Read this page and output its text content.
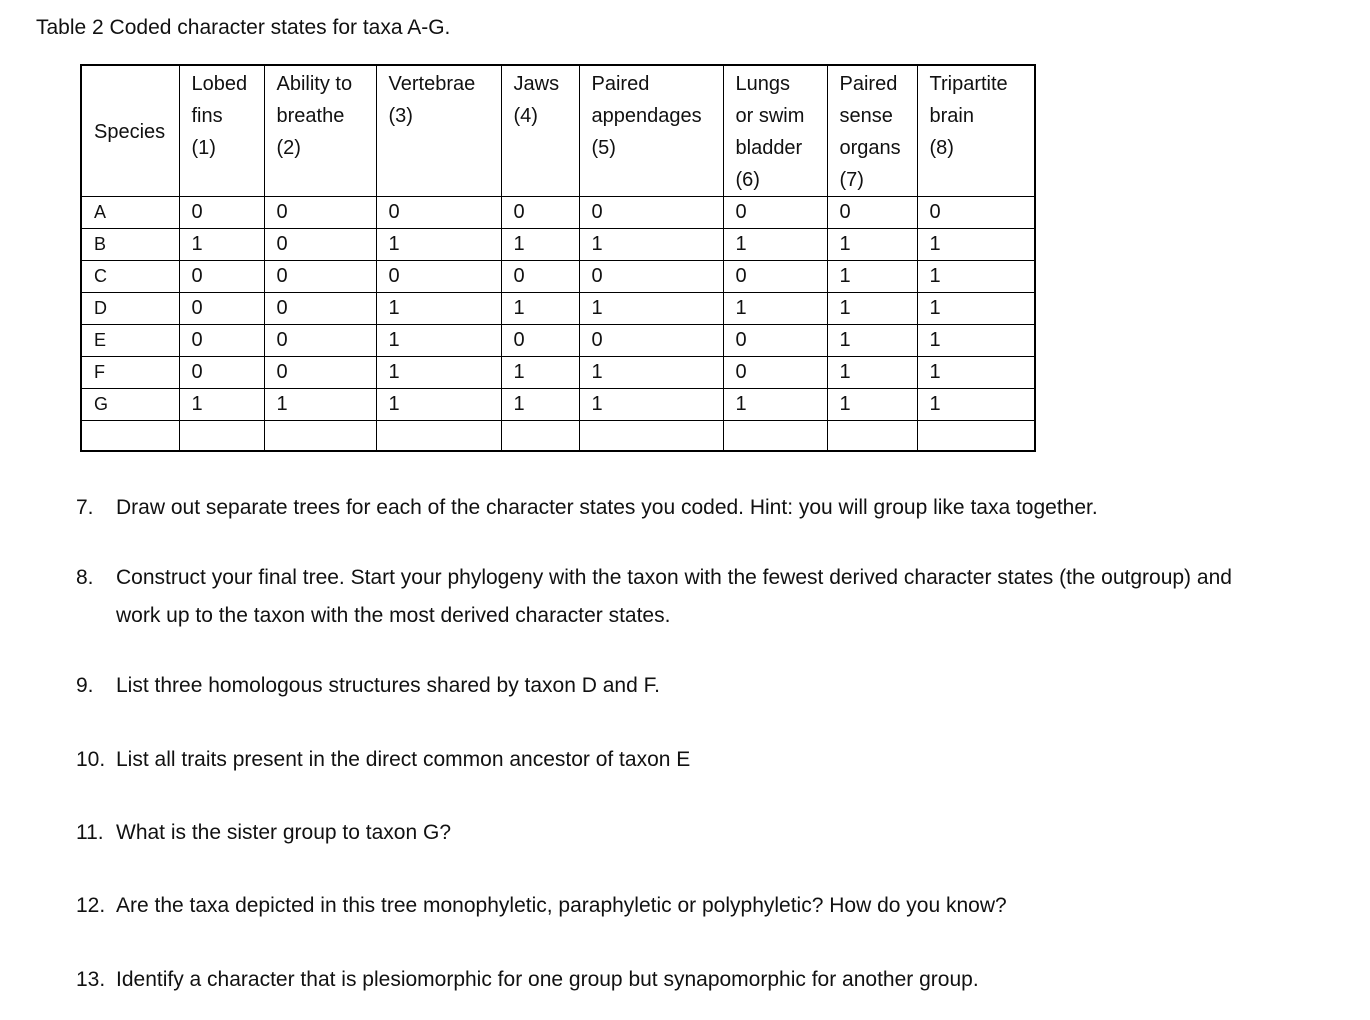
Table 2 Coded character states for taxa A-G.
Species	Lobed
fins
(1)	Ability to
breathe
(2)	Vertebrae
(3)	Jaws
(4)	Paired
appendages
(5)	Lungs
or swim
bladder
(6)	Paired
sense
organs
(7)	Tripartite
brain
(8)

A	0	0	0	0	0	0	0	0
B	1	0	1	1	1	1	1	1
C	0	0	0	0	0	0	1	1
D	0	0	1	1	1	1	1	1
E	0	0	1	0	0	0	1	1
F	0	0	1	1	1	0	1	1
G	1	1	1	1	1	1	1	1

7. Draw out separate trees for each of the character states you coded. Hint: you will group like taxa together.
8. Construct your final tree. Start your phylogeny with the taxon with the fewest derived character states (the outgroup) and
work up to the taxon with the most derived character states.
9. List three homologous structures shared by taxon D and F.
10. List all traits present in the direct common ancestor of taxon E
11. What is the sister group to taxon G?
12. Are the taxa depicted in this tree monophyletic, paraphyletic or polyphyletic? How do you know?
13. Identify a character that is plesiomorphic for one group but synapomorphic for another group.
